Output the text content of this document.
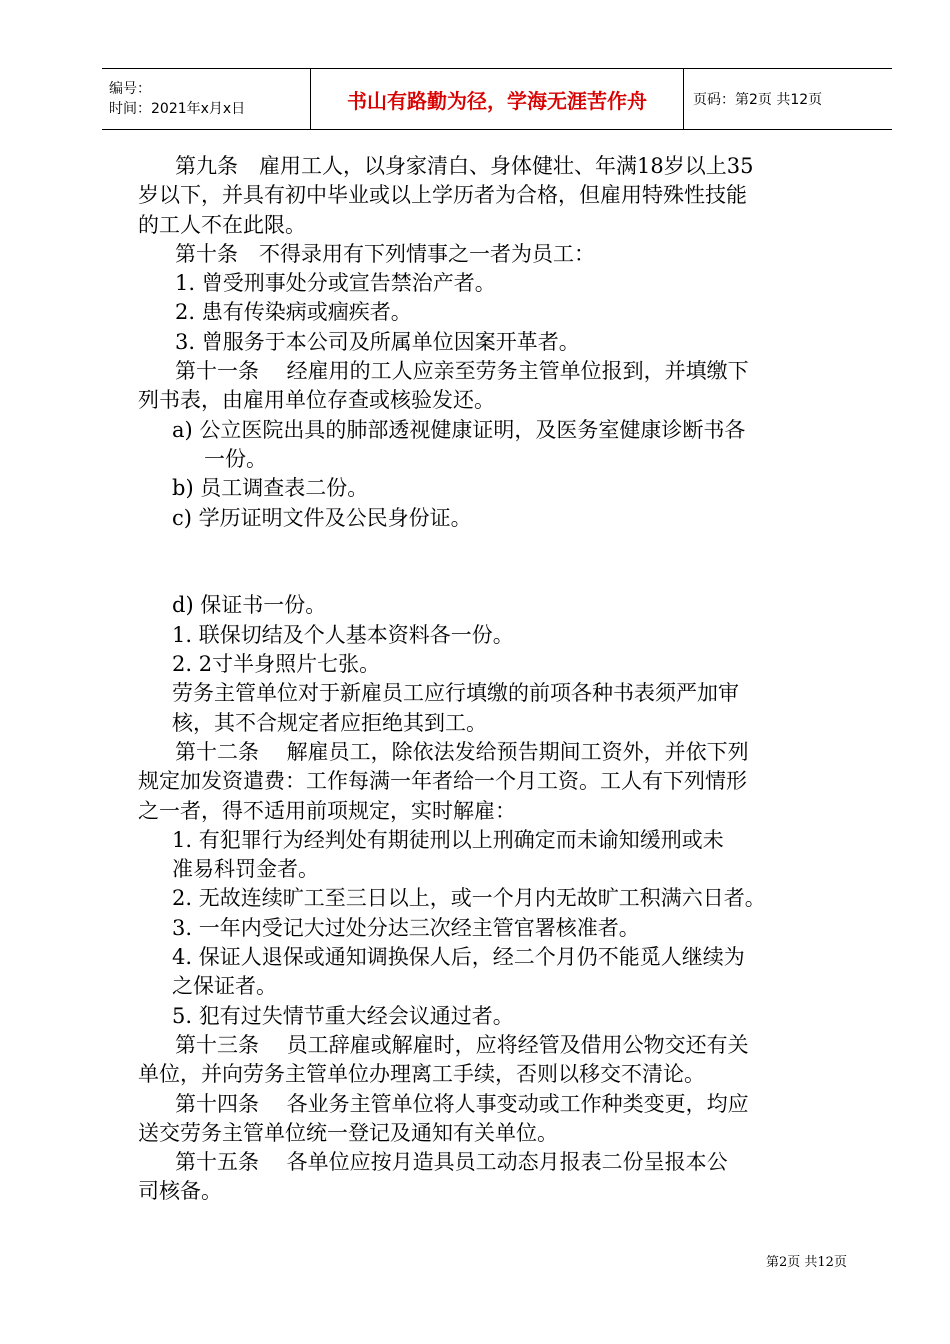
编号：
时间：2021年x月x日	书山有路勤为径，学海无涯苦作舟	页码：第2页 共12页
第九条　雇用工人，以身家清白、身体健壮、年满18岁以上35
岁以下，并具有初中毕业或以上学历者为合格，但雇用特殊性技能
的工人不在此限。
第十条　不得录用有下列情事之一者为员工：
1. 曾受刑事处分或宣告禁治产者。
2. 患有传染病或痼疾者。
3. 曾服务于本公司及所属单位因案开革者。
第十一条　 经雇用的工人应亲至劳务主管单位报到，并填缴下
列书表，由雇用单位存查或核验发还。
a) 公立医院出具的肺部透视健康证明，及医务室健康诊断书各
一份。
b) 员工调查表二份。
c) 学历证明文件及公民身份证。

d) 保证书一份。
1. 联保切结及个人基本资料各一份。
2. 2寸半身照片七张。
劳务主管单位对于新雇员工应行填缴的前项各种书表须严加审
核，其不合规定者应拒绝其到工。
第十二条　 解雇员工，除依法发给预告期间工资外，并依下列
规定加发资遣费：工作每满一年者给一个月工资。工人有下列情形
之一者，得不适用前项规定，实时解雇：
1. 有犯罪行为经判处有期徒刑以上刑确定而未谕知缓刑或未
准易科罚金者。
2. 无故连续旷工至三日以上，或一个月内无故旷工积满六日者。
3. 一年内受记大过处分达三次经主管官署核准者。
4. 保证人退保或通知调换保人后，经二个月仍不能觅人继续为
之保证者。
5. 犯有过失情节重大经会议通过者。
第十三条　 员工辞雇或解雇时，应将经管及借用公物交还有关
单位，并向劳务主管单位办理离工手续，否则以移交不清论。
第十四条　 各业务主管单位将人事变动或工作种类变更，均应
送交劳务主管单位统一登记及通知有关单位。
第十五条　 各单位应按月造具员工动态月报表二份呈报本公
司核备。
第2页 共12页
